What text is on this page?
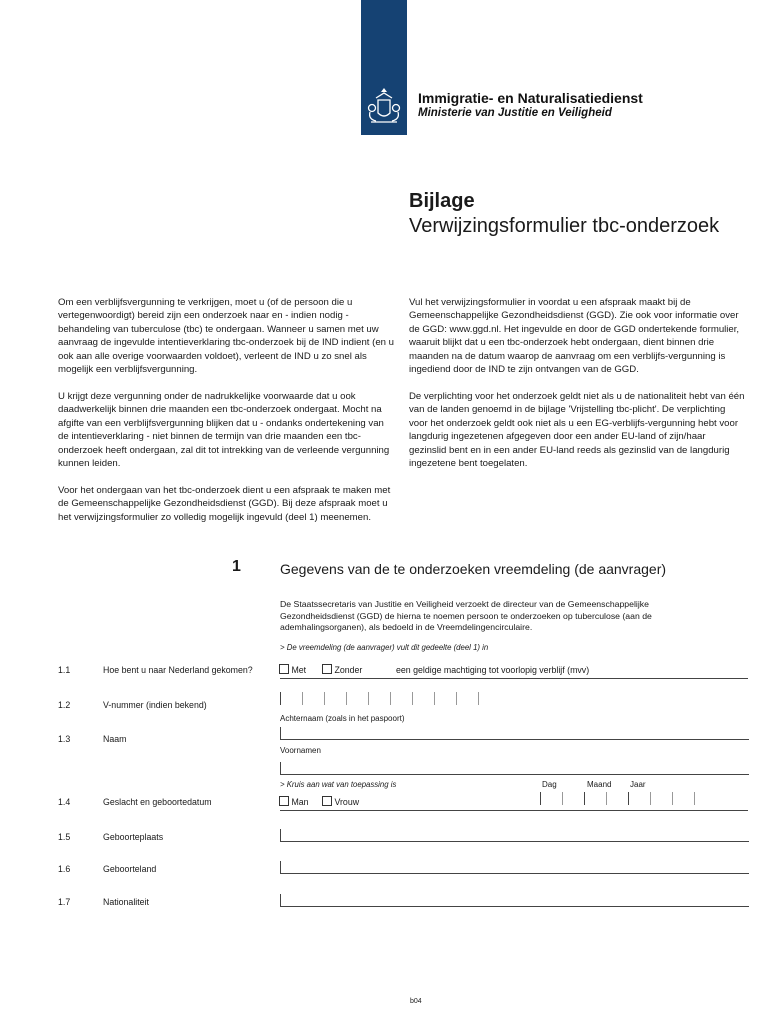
Immigratie- en Naturalisatiedienst
Ministerie van Justitie en Veiligheid
Bijlage
Verwijzingsformulier tbc-onderzoek
Om een verblijfsvergunning te verkrijgen, moet u (of de persoon die u vertegenwoordigt) bereid zijn een onderzoek naar en - indien nodig - behandeling van tuberculose (tbc) te ondergaan. Wanneer u samen met uw aanvraag de ingevulde intentieverklaring tbc-onderzoek bij de IND indient (en u ook aan alle overige voorwaarden voldoet), verleent de IND u zo snel als mogelijk een verblijfsvergunning.
U krijgt deze vergunning onder de nadrukkelijke voorwaarde dat u ook daadwerkelijk binnen drie maanden een tbc-onderzoek ondergaat. Mocht na afgifte van een verblijfsvergunning blijken dat u - ondanks ondertekening van de intentieverklaring - niet binnen de termijn van drie maanden een tbc-onderzoek heeft ondergaan, zal dit tot intrekking van de verleende vergunning kunnen leiden.
Voor het ondergaan van het tbc-onderzoek dient u een afspraak te maken met de Gemeenschappelijke Gezondheidsdienst (GGD). Bij deze afspraak moet u het verwijzingsformulier zo volledig mogelijk ingevuld (deel 1) meenemen.
Vul het verwijzingsformulier in voordat u een afspraak maakt bij de Gemeenschappelijke Gezondheidsdienst (GGD). Zie ook voor informatie over de GGD: www.ggd.nl. Het ingevulde en door de GGD ondertekende formulier, waaruit blijkt dat u een tbc-onderzoek hebt ondergaan, dient binnen drie maanden na de datum waarop de aanvraag om een verblijfs-vergunning is ingediend door de IND te zijn ontvangen van de GGD.
De verplichting voor het onderzoek geldt niet als u de nationaliteit hebt van één van de landen genoemd in de bijlage 'Vrijstelling tbc-plicht'. De verplichting voor het onderzoek geldt ook niet als u een EG-verblijfs-vergunning hebt voor langdurig ingezetenen afgegeven door een ander EU-land of zijn/haar gezinslid bent en in een ander EU-land reeds als gezinslid van de langdurig ingezetene bent toegelaten.
1	Gegevens van de te onderzoeken vreemdeling (de aanvrager)
De Staatssecretaris van Justitie en Veiligheid verzoekt de directeur van de Gemeenschappelijke Gezondheidsdienst (GGD) de hierna te noemen persoon te onderzoeken op tuberculose (aan de ademhalingsorganen), als bedoeld in de Vreemdelingencirculaire.
> De vreemdeling (de aanvrager) vult dit gedeelte (deel 1) in
1.1	Hoe bent u naar Nederland gekomen?	Met	Zonder	een geldige machtiging tot voorlopig verblijf (mvv)
1.2	V-nummer (indien bekend)
Achternaam (zoals in het paspoort)
1.3	Naam
Voornamen
> Kruis aan wat van toepassing is	Dag	Maand Jaar
1.4	Geslacht en geboortedatum	Man	Vrouw
1.5	Geboorteplaats
1.6	Geboorteland
1.7	Nationaliteit
b04
